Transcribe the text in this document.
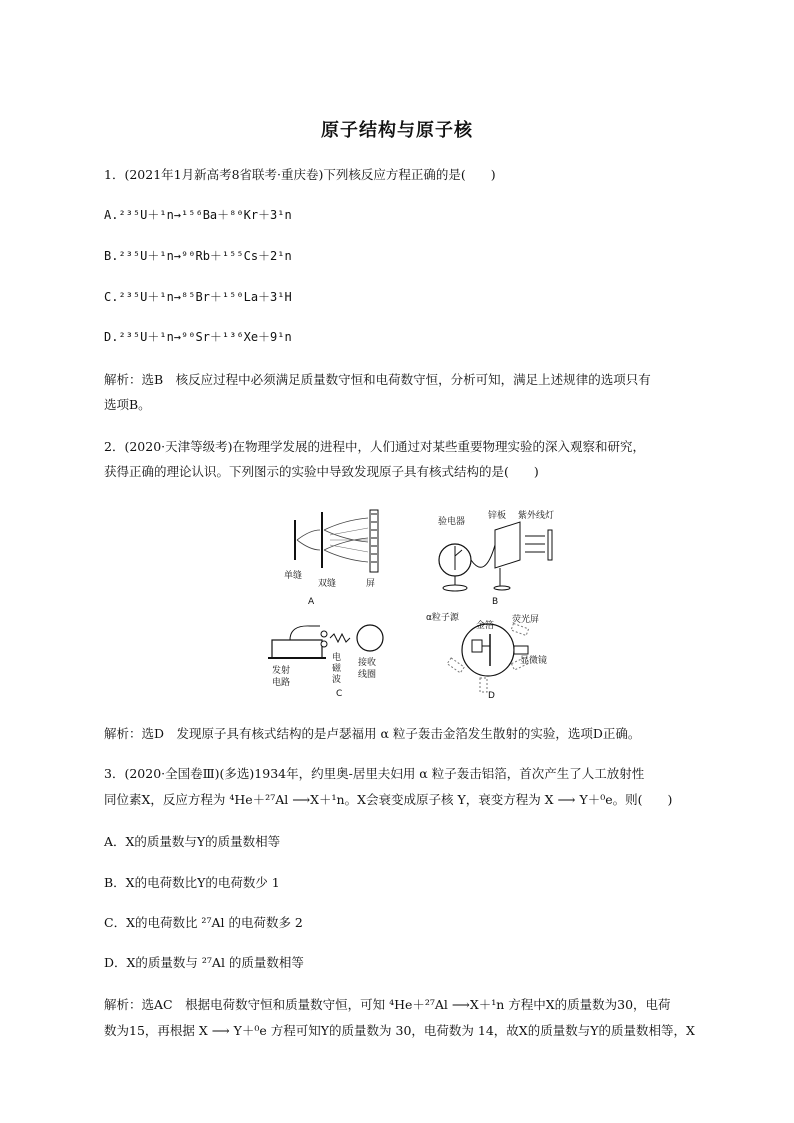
原子结构与原子核
1．(2021年1月新高考8省联考·重庆卷)下列核反应方程正确的是(　　)
A.²³⁵U＋¹n→¹⁵⁶Ba＋⁸⁰Kr＋3¹n
B.²³⁵U＋¹n→⁹⁰Rb＋¹⁵⁵Cs＋2¹n
C.²³⁵U＋¹n→⁸⁵Br＋¹⁵⁰La＋3¹H
D.²³⁵U＋¹n→⁹⁰Sr＋¹³⁶Xe＋9¹n
解析：选B　核反应过程中必须满足质量数守恒和电荷数守恒，分析可知，满足上述规律的选项只有
选项B。
2．(2020·天津等级考)在物理学发展的进程中，人们通过对某些重要物理实验的深入观察和研究，
获得正确的理论认识。下列图示的实验中导致发现原子具有核式结构的是(　　)
单缝
双缝	屏
A
验电器
锌板 紫外线灯
B
发射
电路
电
磁
波
接收
线圈
C
α粒子源
金箔
荧光屏
显微镜
D
解析：选D　发现原子具有核式结构的是卢瑟福用 α 粒子轰击金箔发生散射的实验，选项D正确。
3．(2020·全国卷Ⅲ)(多选)1934年，约里奥-居里夫妇用 α 粒子轰击铝箔，首次产生了人工放射性
同位素X，反应方程为 ⁴He＋²⁷Al ⟶X＋¹n。X会衰变成原子核 Y，衰变方程为 X ⟶ Y＋⁰e。则(　　)
A．X的质量数与Y的质量数相等
B．X的电荷数比Y的电荷数少 1
C．X的电荷数比 ²⁷Al 的电荷数多 2
D．X的质量数与 ²⁷Al 的质量数相等
解析：选AC　根据电荷数守恒和质量数守恒，可知 ⁴He＋²⁷Al ⟶X＋¹n 方程中X的质量数为30，电荷
数为15，再根据 X ⟶ Y＋⁰e 方程可知Y的质量数为 30，电荷数为 14，故X的质量数与Y的质量数相等，X
